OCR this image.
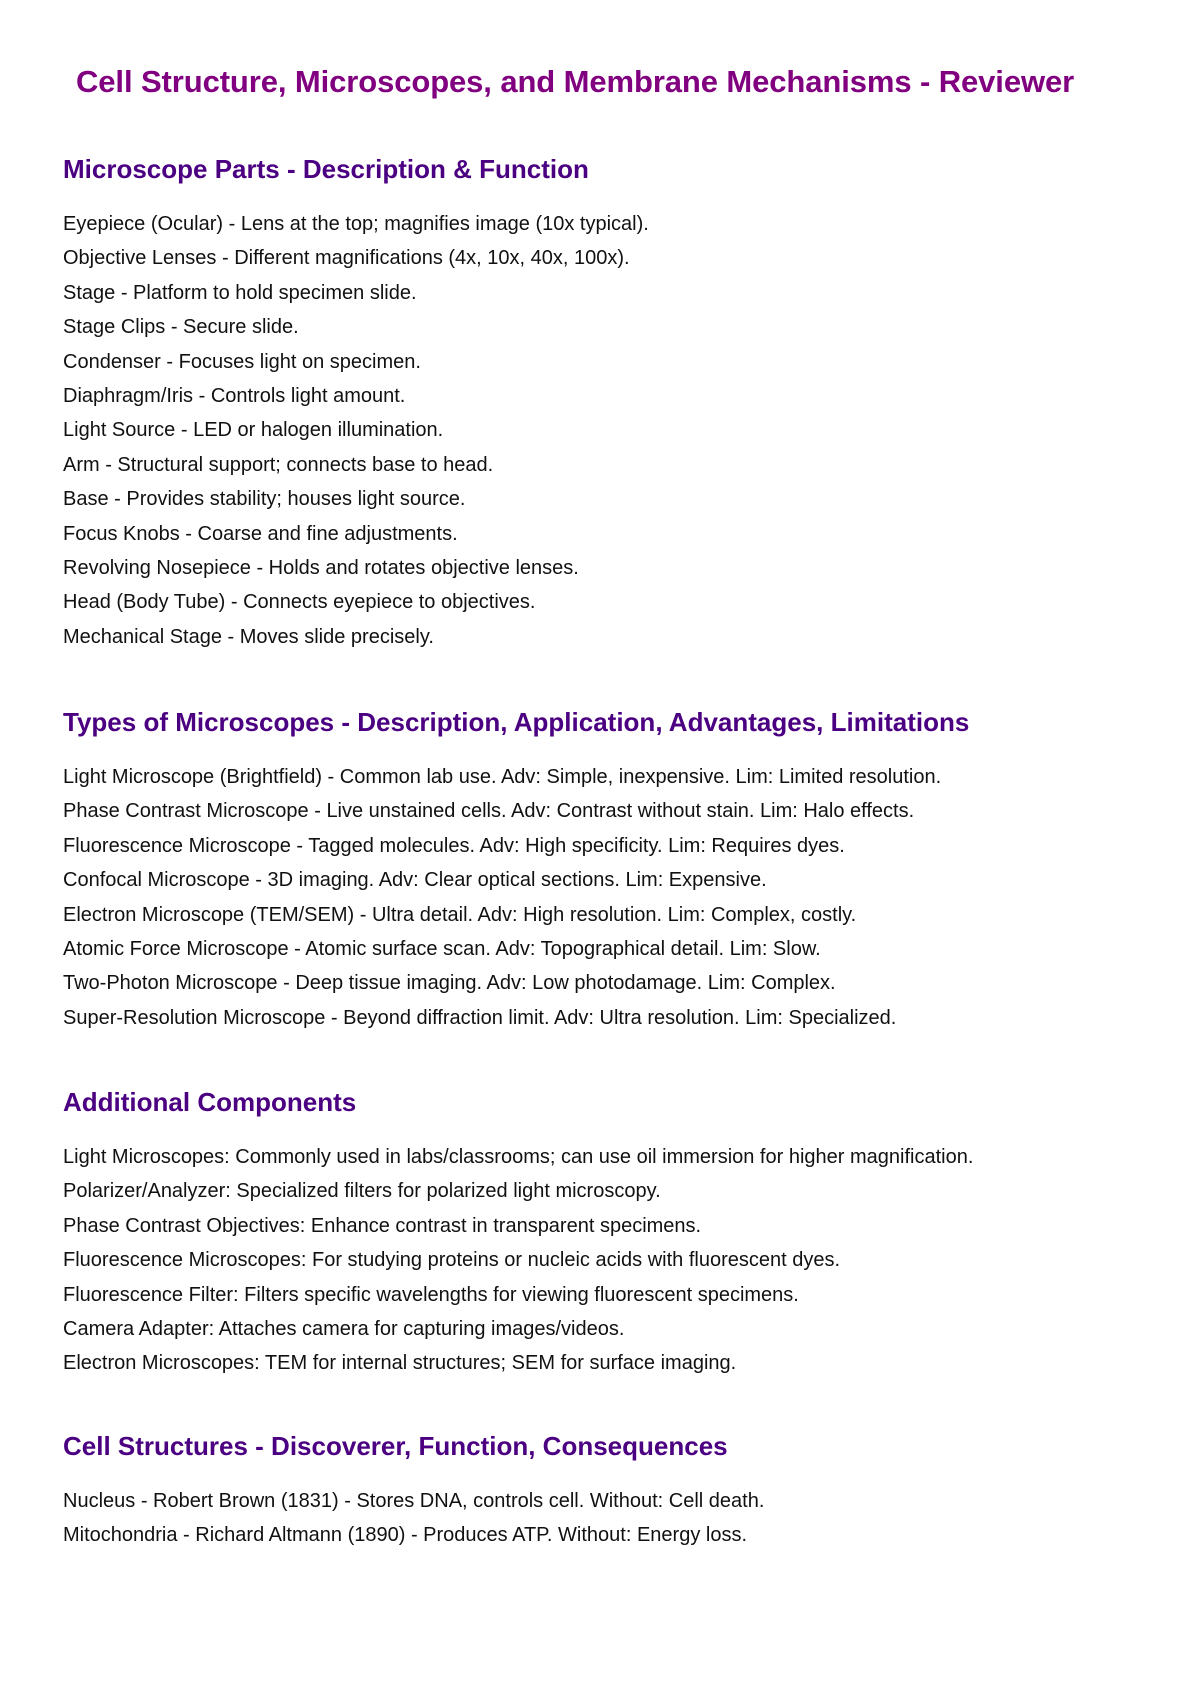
Cell Structure, Microscopes, and Membrane Mechanisms - Reviewer
Microscope Parts - Description & Function
Eyepiece (Ocular) - Lens at the top; magnifies image (10x typical).
Objective Lenses - Different magnifications (4x, 10x, 40x, 100x).
Stage - Platform to hold specimen slide.
Stage Clips - Secure slide.
Condenser - Focuses light on specimen.
Diaphragm/Iris - Controls light amount.
Light Source - LED or halogen illumination.
Arm - Structural support; connects base to head.
Base - Provides stability; houses light source.
Focus Knobs - Coarse and fine adjustments.
Revolving Nosepiece - Holds and rotates objective lenses.
Head (Body Tube) - Connects eyepiece to objectives.
Mechanical Stage - Moves slide precisely.
Types of Microscopes - Description, Application, Advantages, Limitations
Light Microscope (Brightfield) - Common lab use. Adv: Simple, inexpensive. Lim: Limited resolution.
Phase Contrast Microscope - Live unstained cells. Adv: Contrast without stain. Lim: Halo effects.
Fluorescence Microscope - Tagged molecules. Adv: High specificity. Lim: Requires dyes.
Confocal Microscope - 3D imaging. Adv: Clear optical sections. Lim: Expensive.
Electron Microscope (TEM/SEM) - Ultra detail. Adv: High resolution. Lim: Complex, costly.
Atomic Force Microscope - Atomic surface scan. Adv: Topographical detail. Lim: Slow.
Two-Photon Microscope - Deep tissue imaging. Adv: Low photodamage. Lim: Complex.
Super-Resolution Microscope - Beyond diffraction limit. Adv: Ultra resolution. Lim: Specialized.
Additional Components
Light Microscopes: Commonly used in labs/classrooms; can use oil immersion for higher magnification.
Polarizer/Analyzer: Specialized filters for polarized light microscopy.
Phase Contrast Objectives: Enhance contrast in transparent specimens.
Fluorescence Microscopes: For studying proteins or nucleic acids with fluorescent dyes.
Fluorescence Filter: Filters specific wavelengths for viewing fluorescent specimens.
Camera Adapter: Attaches camera for capturing images/videos.
Electron Microscopes: TEM for internal structures; SEM for surface imaging.
Cell Structures - Discoverer, Function, Consequences
Nucleus - Robert Brown (1831) - Stores DNA, controls cell. Without: Cell death.
Mitochondria - Richard Altmann (1890) - Produces ATP. Without: Energy loss.
